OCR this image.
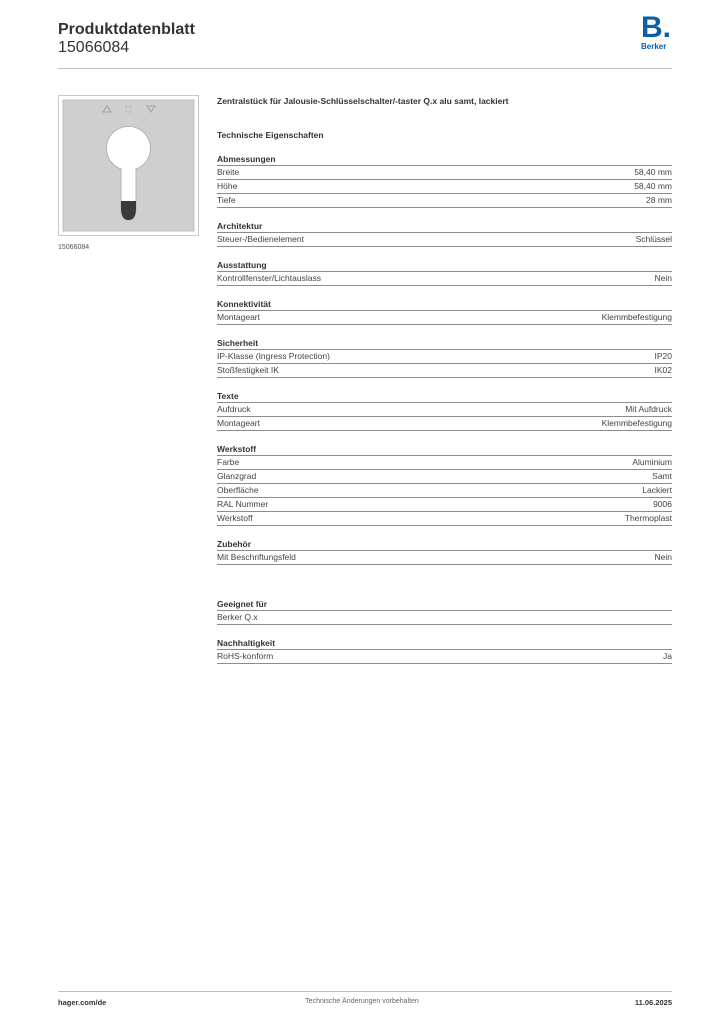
Produktdatenblatt
15066084
B.
Berker
15066084
Zentralstück für Jalousie-Schlüsselschalter/-taster Q.x alu samt, lackiert
Technische Eigenschaften
Abmessungen
Breite	58,40 mm
Höhe	58,40 mm
Tiefe	28 mm
Architektur
Steuer-/Bedienelement	Schlüssel
Ausstattung
Kontrollfenster/Lichtauslass	Nein
Konnektivität
Montageart	Klemmbefestigung
Sicherheit
IP-Klasse (Ingress Protection)	IP20
Stoßfestigkeit IK	IK02
Texte
Aufdruck	Mit Aufdruck
Montageart	Klemmbefestigung
Werkstoff
Farbe	Aluminium
Glanzgrad	Samt
Oberfläche	Lackiert
RAL Nummer	9006
Werkstoff	Thermoplast
Zubehör
Mit Beschriftungsfeld	Nein
Geeignet für
Berker Q.x
Nachhaltigkeit
RoHS-konform	Ja
hager.com/de	Technische Änderungen vorbehalten	11.06.2025
